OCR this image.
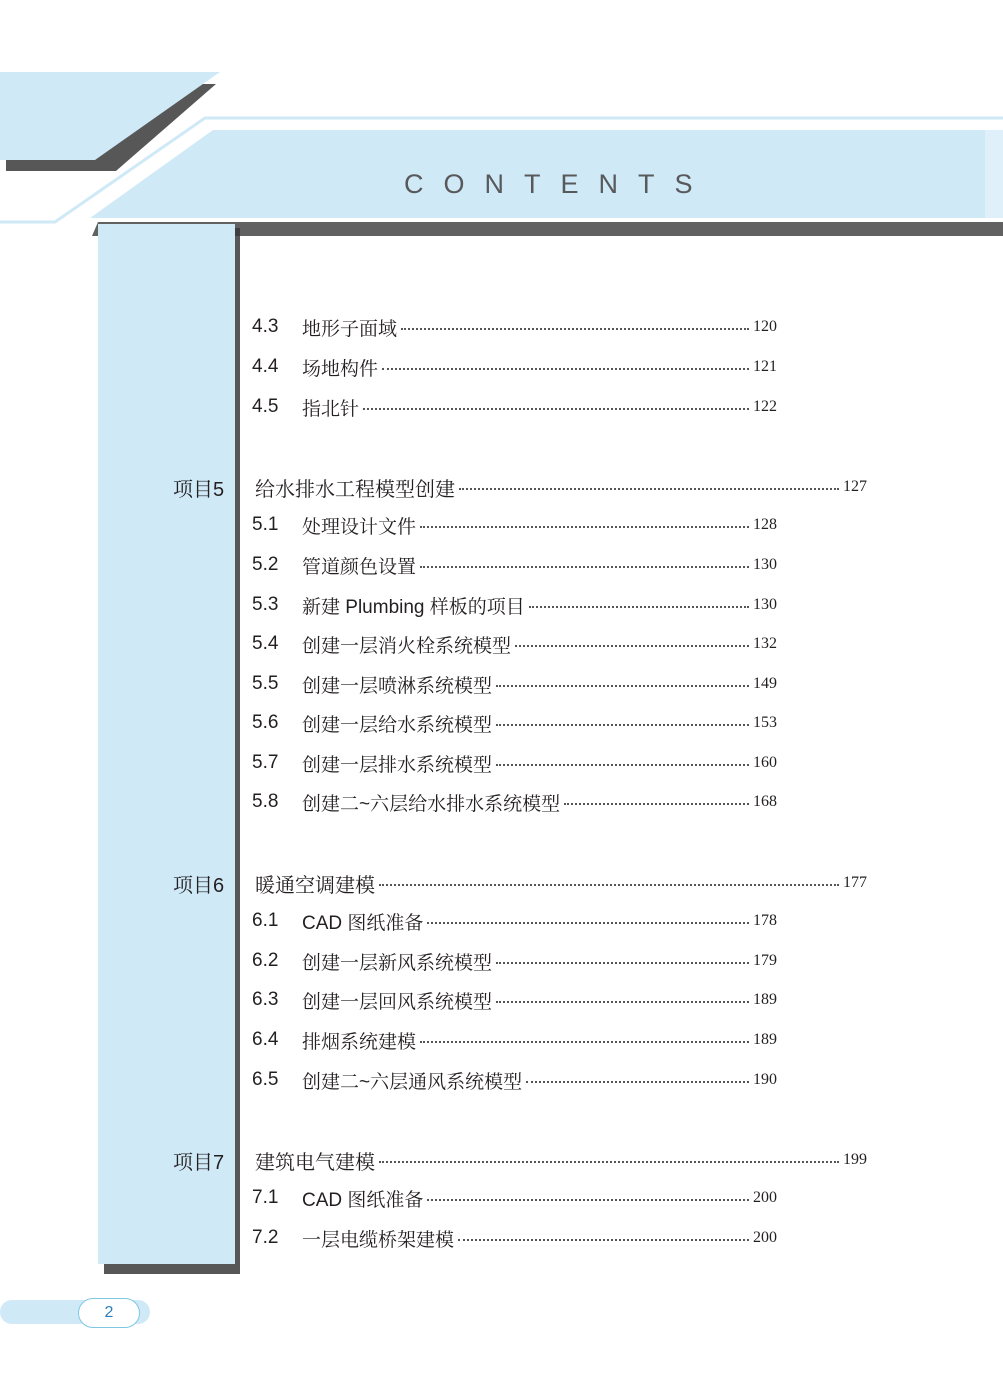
CONTENTS
4.3 地形子面域	120
4.4 场地构件	121
4.5 指北针	122
项目5	给水排水工程模型创建	127
5.1 处理设计文件	128
5.2 管道颜色设置	130
5.3 新建 Plumbing 样板的项目	130
5.4 创建一层消火栓系统模型	132
5.5 创建一层喷淋系统模型	149
5.6 创建一层给水系统模型	153
5.7 创建一层排水系统模型	160
5.8 创建二~六层给水排水系统模型	168
项目6	暖通空调建模	177
6.1 CAD 图纸准备	178
6.2 创建一层新风系统模型	179
6.3 创建一层回风系统模型	189
6.4 排烟系统建模	189
6.5 创建二~六层通风系统模型	190
项目7	建筑电气建模	199
7.1 CAD 图纸准备	200
7.2 一层电缆桥架建模	200
2
